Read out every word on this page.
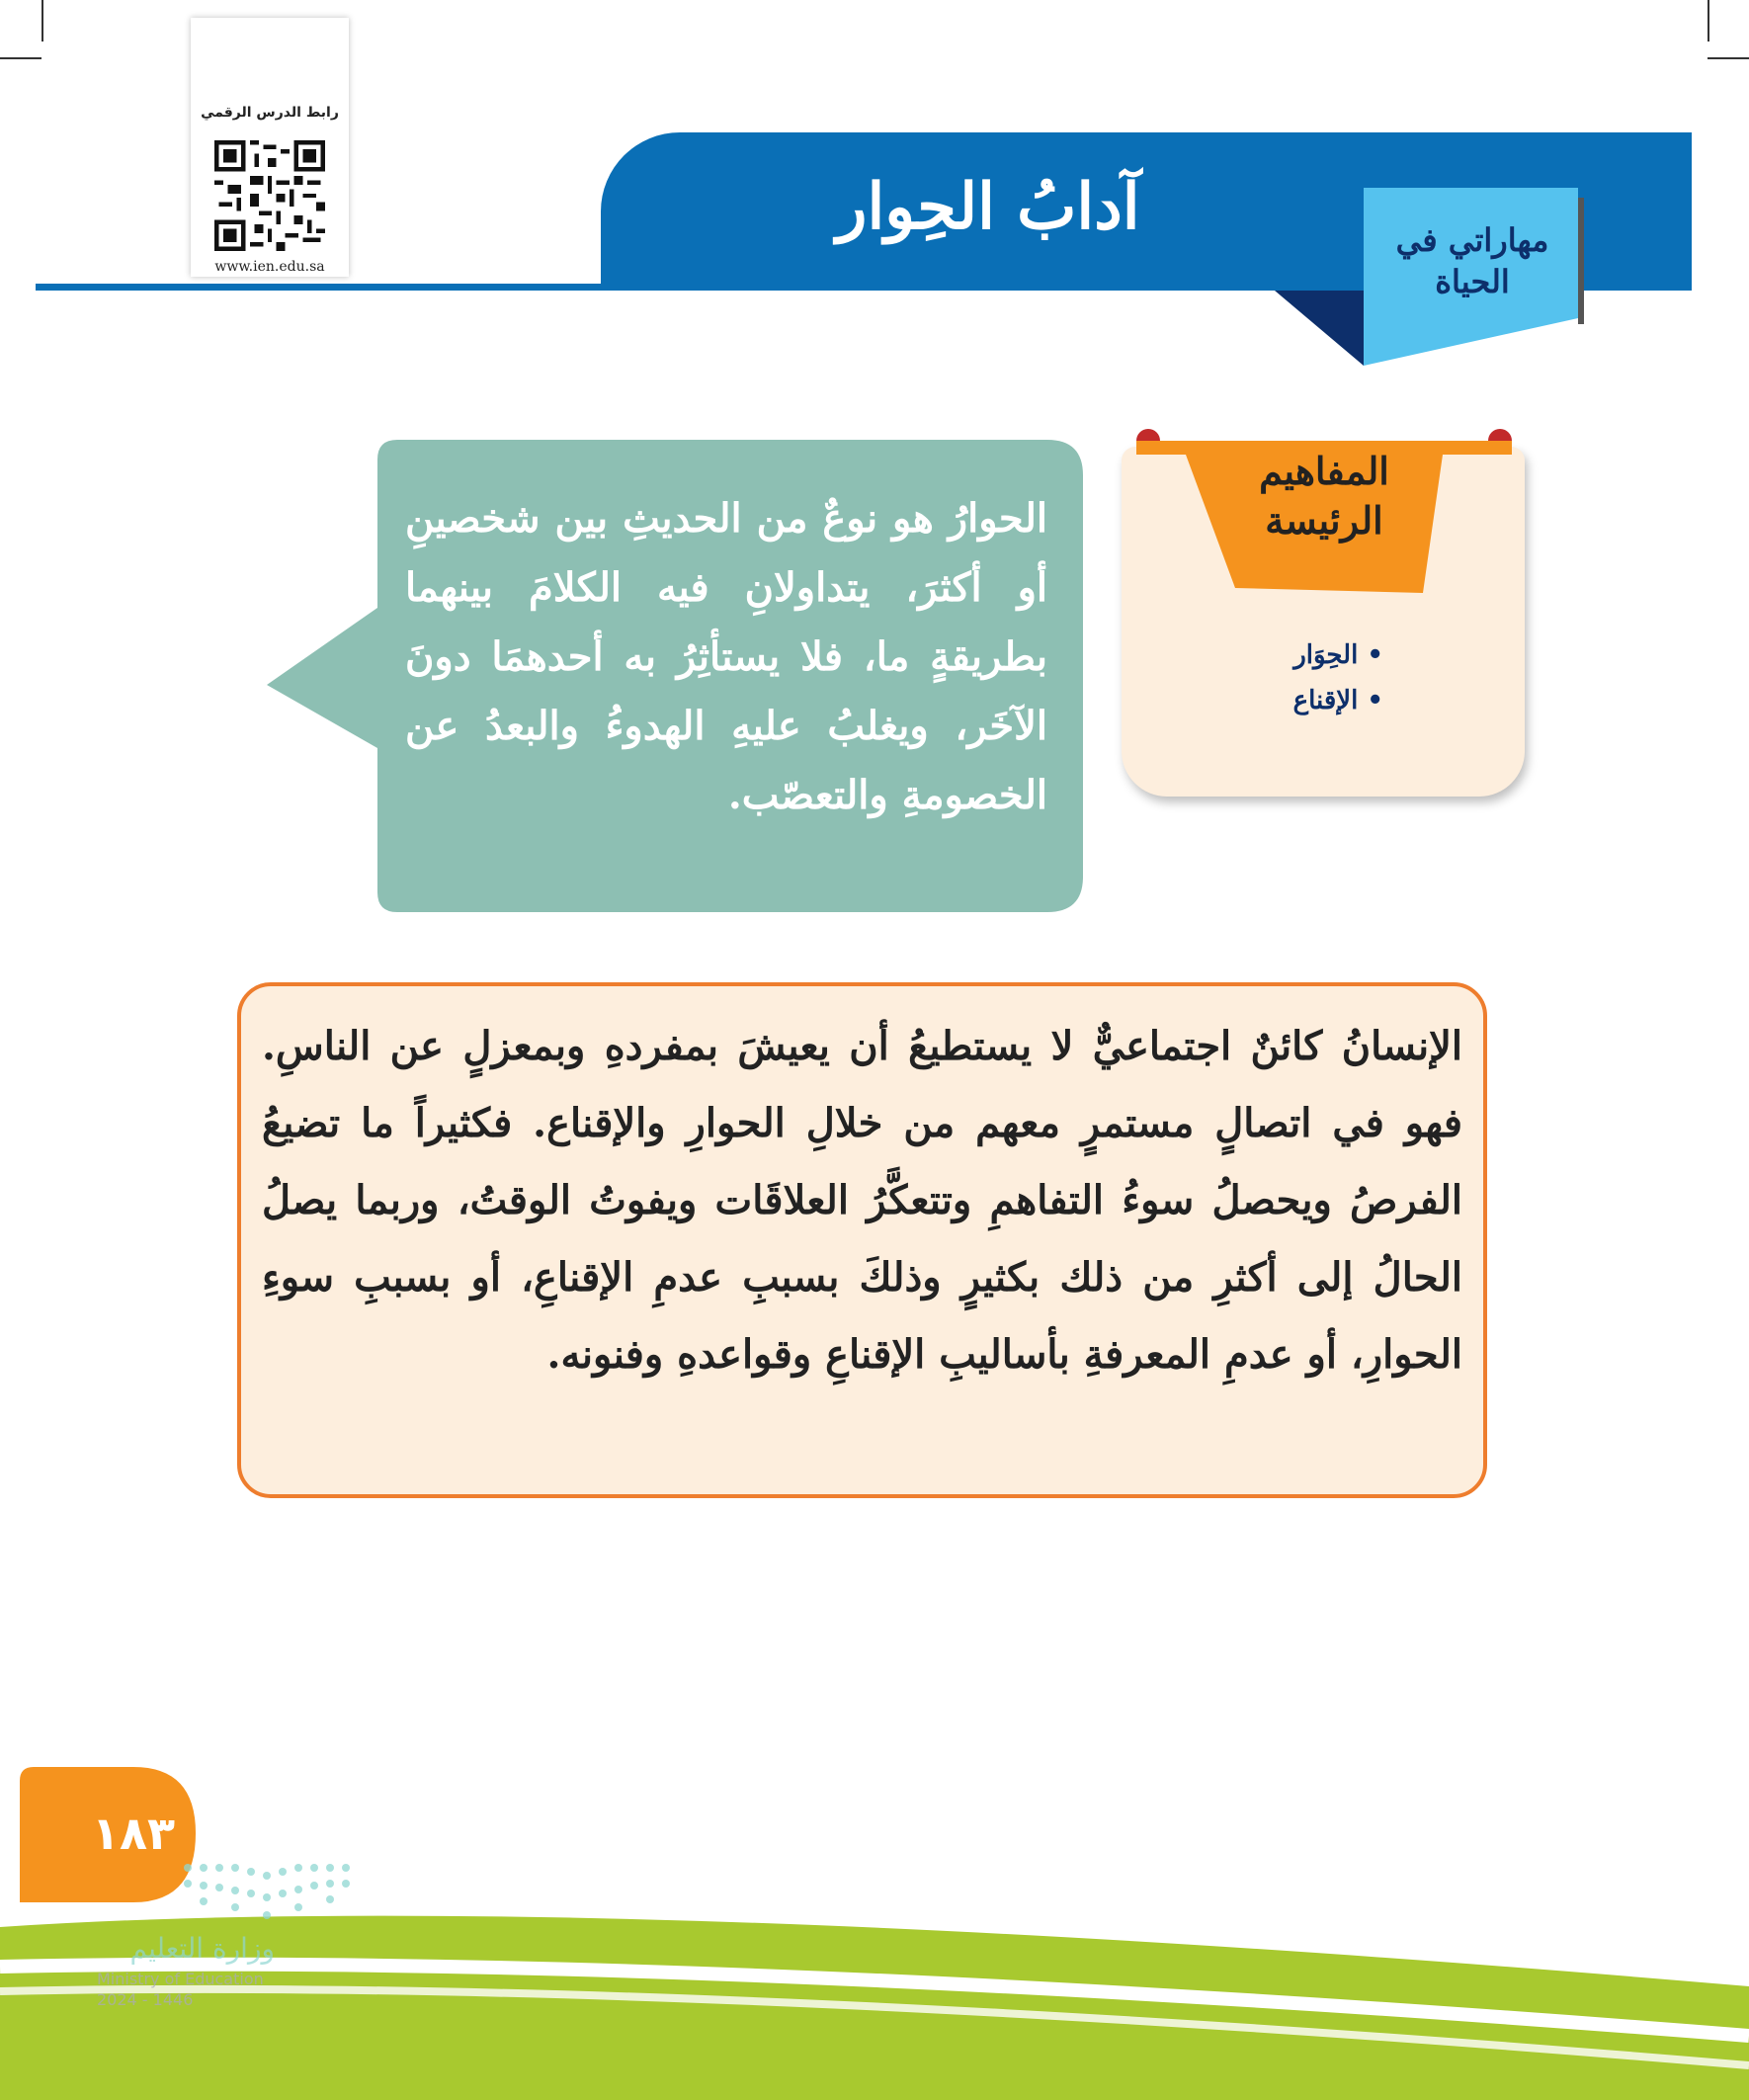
رابط الدرس الرقمي
www.ien.edu.sa
آدابُ الحِوار	مهاراتي في الحياة
المفاهيم الرئيسة
• الحِوَار
• الإقناع
الحوارُ هو نوعٌ من الحديثِ بين شخصينِ أو أكثرَ، يتداولانِ فيه الكلامَ بينهما بطريقةٍ ما، فلا يستأثِرُ به أحدهمَا دونَ الآخَر، ويغلبُ عليهِ الهدوءُ والبعدُ عن الخصومةِ والتعصّب.
الإنسانُ كائنٌ اجتماعيٌّ لا يستطيعُ أن يعيشَ بمفردهِ وبمعزلٍ عن الناسِ. فهو في اتصالٍ مستمرٍ معهم من خلالِ الحوارِ والإقناع. فكثيراً ما تضيعُ الفرصُ ويحصلُ سوءُ التفاهمِ وتتعكَّرُ العلاقَات ويفوتُ الوقتُ، وربما يصلُ الحالُ إلى أكثرِ من ذلك بكثيرٍ وذلكَ بسببِ عدمِ الإقناعِ، أو بسببِ سوءِ الحوارِ، أو عدمِ المعرفةِ بأساليبِ الإقناعِ وقواعدهِ وفنونه.
١٨٣
وزارة التعليم
Ministry of Education
2024 - 1446
